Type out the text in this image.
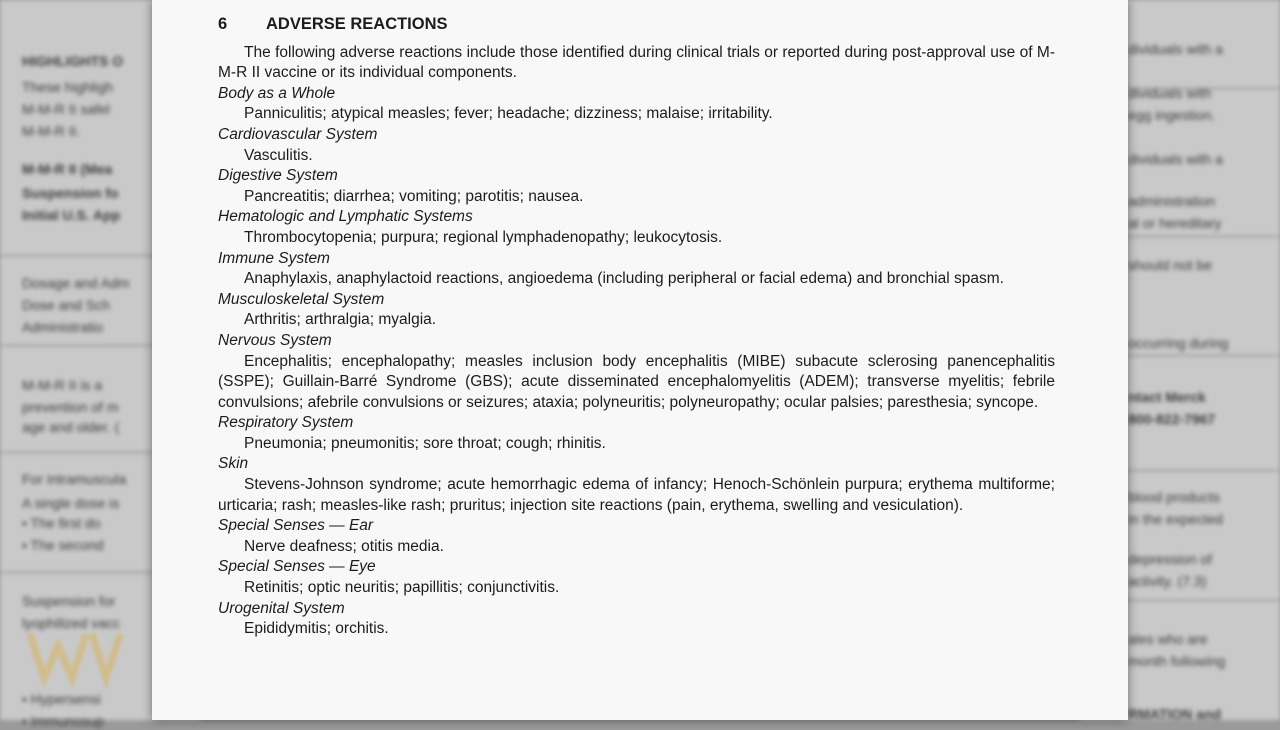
HIGHLIGHTS O
These highligh
M-M-R II safel
M-M-R II.
M-M-R II (Mea
Suspension fo
Initial U.S. App
Dosage and Adm
Dose and Sch
Administratio
M-M-R II is a
prevention of m
age and older. (
For intramuscula
A single dose is
• The first do
• The second
Suspension for
lyophilized vacc
• Hypersensi
• Immunosup
dividuals with a
dividuals with
egg ingestion.
dividuals with a
administration
al or hereditary
should not be
occurring during
ntact Merck
800-822-7967
blood products
in the expected
depression of
activity. (7.3)
ales who are
month following
RMATION and
6 ADVERSE REACTIONS
The following adverse reactions include those identified during clinical trials or reported during post-approval use of M-M-R II vaccine or its individual components.
Body as a Whole
Panniculitis; atypical measles; fever; headache; dizziness; malaise; irritability.
Cardiovascular System
Vasculitis.
Digestive System
Pancreatitis; diarrhea; vomiting; parotitis; nausea.
Hematologic and Lymphatic Systems
Thrombocytopenia; purpura; regional lymphadenopathy; leukocytosis.
Immune System
Anaphylaxis, anaphylactoid reactions, angioedema (including peripheral or facial edema) and bronchial spasm.
Musculoskeletal System
Arthritis; arthralgia; myalgia.
Nervous System
Encephalitis; encephalopathy; measles inclusion body encephalitis (MIBE) subacute sclerosing panencephalitis (SSPE); Guillain-Barré Syndrome (GBS); acute disseminated encephalomyelitis (ADEM); transverse myelitis; febrile convulsions; afebrile convulsions or seizures; ataxia; polyneuritis; polyneuropathy; ocular palsies; paresthesia; syncope.
Respiratory System
Pneumonia; pneumonitis; sore throat; cough; rhinitis.
Skin
Stevens-Johnson syndrome; acute hemorrhagic edema of infancy; Henoch-Schönlein purpura; erythema multiforme; urticaria; rash; measles-like rash; pruritus; injection site reactions (pain, erythema, swelling and vesiculation).
Special Senses — Ear
Nerve deafness; otitis media.
Special Senses — Eye
Retinitis; optic neuritis; papillitis; conjunctivitis.
Urogenital System
Epididymitis; orchitis.
